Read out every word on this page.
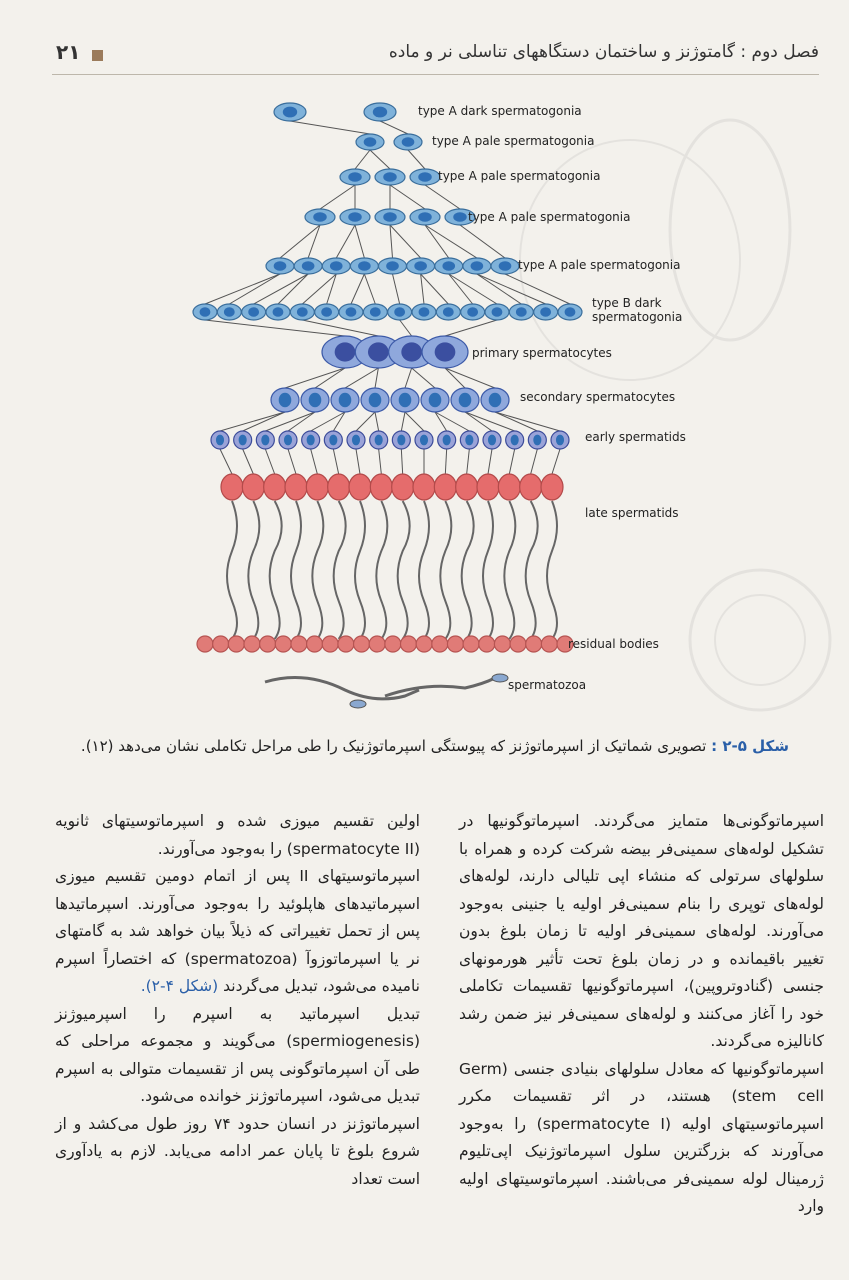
۲۱	فصل دوم : گامتوژنز و ساختمان دستگاههای تناسلی نر و ماده
type A dark spermatogonia
type A pale spermatogonia
type A pale spermatogonia
type A pale spermatogonia
type A pale spermatogonia
type B dark
spermatogonia
primary spermatocytes
secondary spermatocytes
early spermatids
late spermatids
residual bodies
spermatozoa
شکل ۵-۲ : تصویری شماتیک از اسپرماتوژنز که پیوستگی اسپرماتوژنیک را طی مراحل تکاملی نشان می‌دهد (۱۲).

اسپرماتوگونی‌ها متمایز می‌گردند. اسپرماتوگونیها در تشکیل لوله‌های سمینی‌فر بیضه شرکت کرده و همراه با سلولهای سرتولی که منشاء اپی تلیالی دارند، لوله‌های لوله‌های توپری را بنام سمینی‌فر اولیه یا جنینی به‌وجود می‌آورند. لوله‌های سمینی‌فر اولیه تا زمان بلوغ بدون تغییر باقیمانده و در زمان بلوغ تحت تأثیر هورمونهای جنسی (گنادوتروپین)، اسپرماتوگونیها تقسیمات تکاملی خود را آغاز می‌کنند و لوله‌های سمینی‌فر نیز ضمن رشد کانالیزه می‌گردند.

اسپرماتوگونیها که معادل سلولهای بنیادی جنسی (Germ stem cell) هستند، در اثر تقسیمات مکرر اسپرماتوسیتهای اولیه (spermatocyte I) را به‌وجود می‌آورند که بزرگترین سلول اسپرماتوژنیک اپی‌تلیوم ژرمینال لوله سمینی‌فر می‌باشند. اسپرماتوسیتهای اولیه وارد

اولین تقسیم میوزی شده و اسپرماتوسیتهای ثانویه (spermatocyte II) را به‌وجود می‌آورند.

اسپرماتوسیتهای II پس از اتمام دومین تقسیم میوزی اسپرماتیدهای هاپلوئید را به‌وجود می‌آورند. اسپرماتیدها پس از تحمل تغییراتی که ذیلاً بیان خواهد شد به گامتهای نر یا اسپرماتوزوآ (spermatozoa) که اختصاراً اسپرم نامیده می‌شود، تبدیل می‌گردند (شکل ۴-۲).

تبدیل اسپرماتید به اسپرم را اسپرمیوژنز (spermiogenesis) می‌گویند و مجموعه مراحلی که طی آن اسپرماتوگونی پس از تقسیمات متوالی به اسپرم تبدیل می‌شود، اسپرماتوژنز خوانده می‌شود.

اسپرماتوژنز در انسان حدود ۷۴ روز طول می‌کشد و از شروع بلوغ تا پایان عمر ادامه می‌یابد. لازم به یادآوری است تعداد
